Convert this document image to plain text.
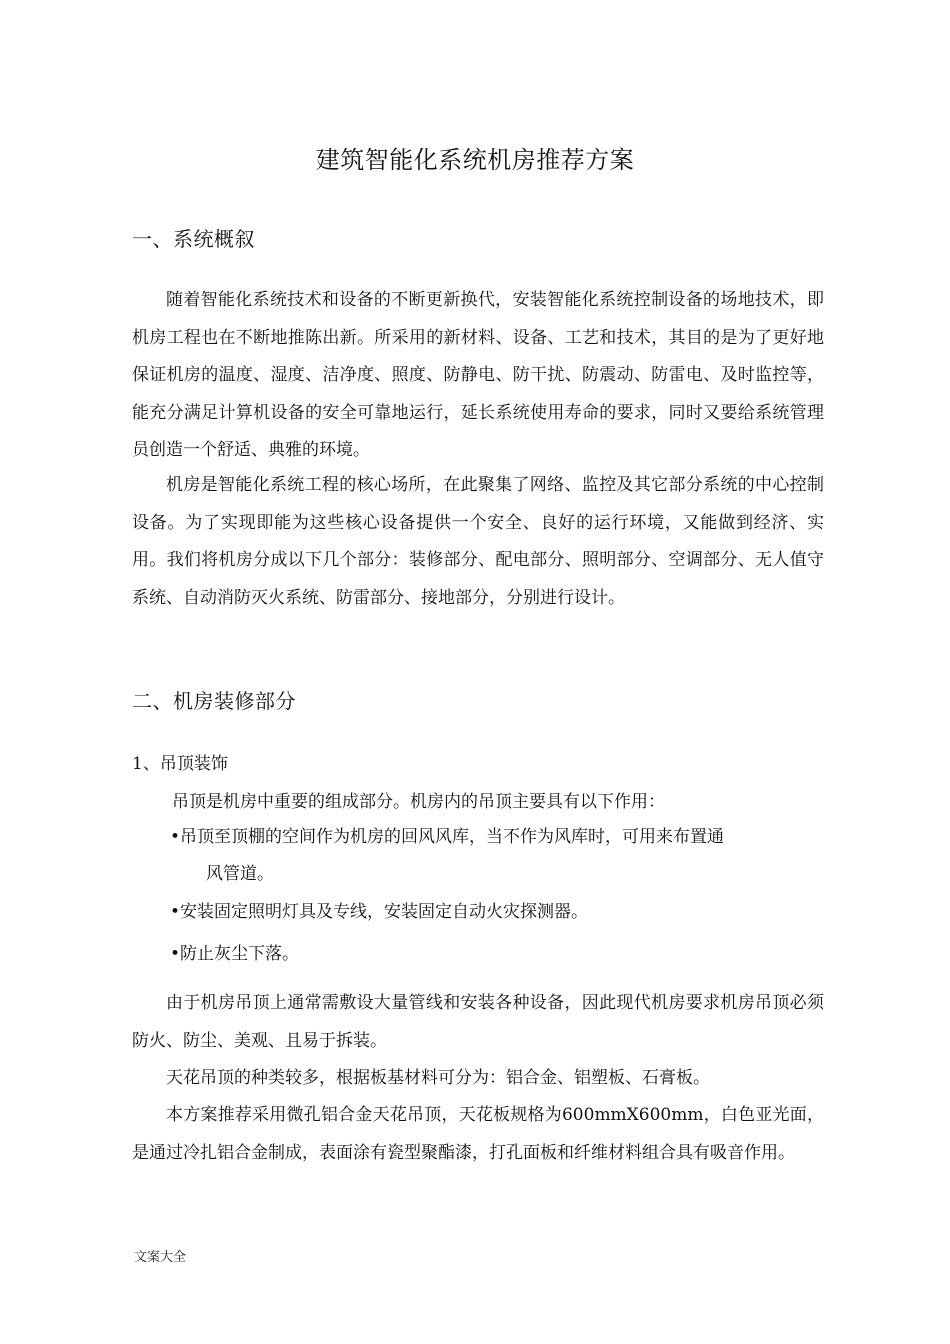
建筑智能化系统机房推荐方案
一、系统概叙

随着智能化系统技术和设备的不断更新换代，安装智能化系统控制设备的场地技术，即机房工程也在不断地推陈出新。所采用的新材料、设备、工艺和技术，其目的是为了更好地保证机房的温度、湿度、洁净度、照度、防静电、防干扰、防震动、防雷电、及时监控等，能充分满足计算机设备的安全可靠地运行，延长系统使用寿命的要求，同时又要给系统管理员创造一个舒适、典雅的环境。

机房是智能化系统工程的核心场所，在此聚集了网络、监控及其它部分系统的中心控制设备。为了实现即能为这些核心设备提供一个安全、良好的运行环境，又能做到经济、实用。我们将机房分成以下几个部分：装修部分、配电部分、照明部分、空调部分、无人值守系统、自动消防灭火系统、防雷部分、接地部分，分别进行设计。

二、机房装修部分
1、吊顶装饰
吊顶是机房中重要的组成部分。机房内的吊顶主要具有以下作用：
•吊顶至顶棚的空间作为机房的回风风库，当不作为风库时，可用来布置通
风管道。
•安装固定照明灯具及专线，安装固定自动火灾探测器。
•防止灰尘下落。

由于机房吊顶上通常需敷设大量管线和安装各种设备，因此现代机房要求机房吊顶必须防火、防尘、美观、且易于拆装。

天花吊顶的种类较多，根据板基材料可分为：铝合金、铝塑板、石膏板。

本方案推荐采用微孔铝合金天花吊顶，天花板规格为600mmX600mm，白色亚光面，是通过冷扎铝合金制成，表面涂有瓷型聚酯漆，打孔面板和纤维材料组合具有吸音作用。

文案大全
